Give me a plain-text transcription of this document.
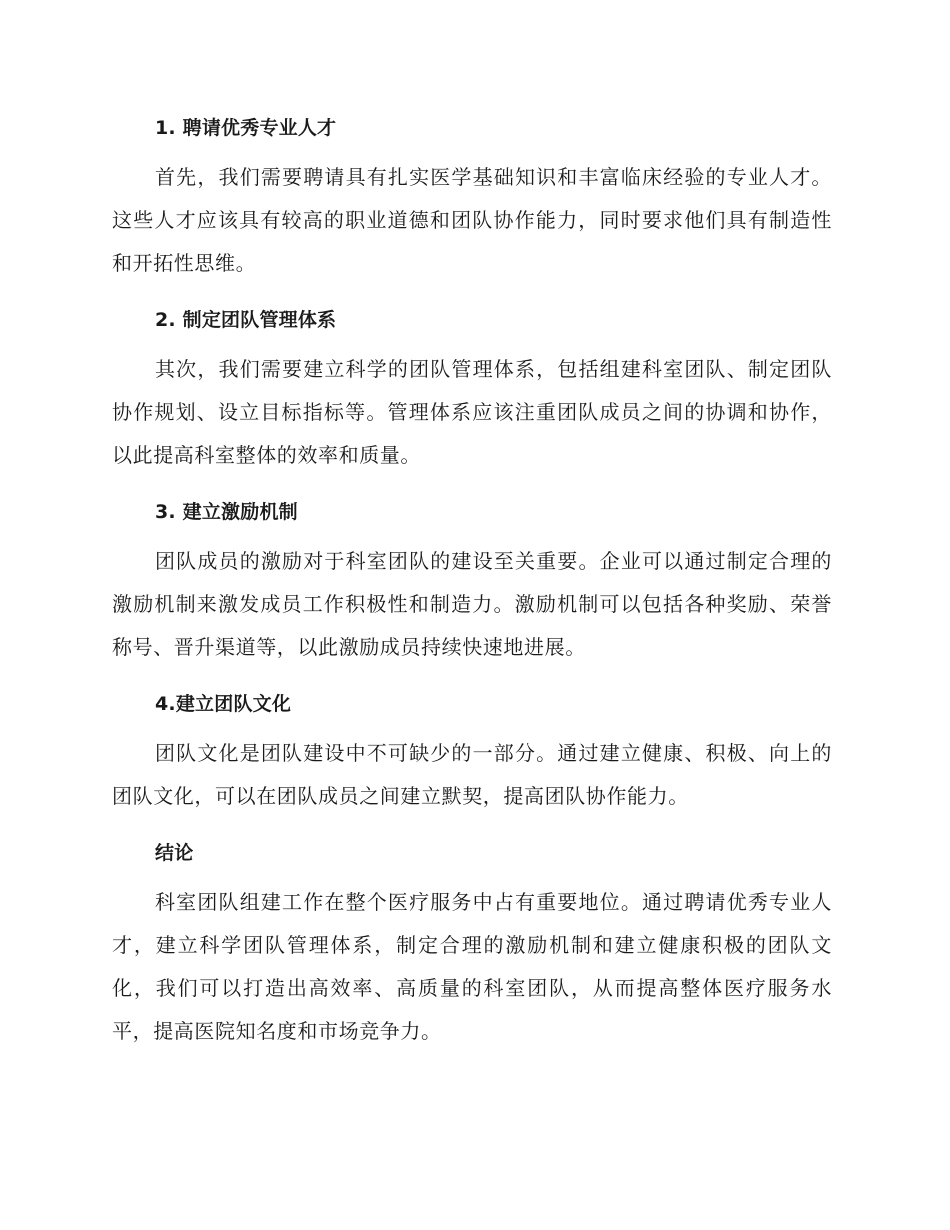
1. 聘请优秀专业人才

首先，我们需要聘请具有扎实医学基础知识和丰富临床经验的专业人才。这些人才应该具有较高的职业道德和团队协作能力，同时要求他们具有制造性和开拓性思维。

2. 制定团队管理体系

其次，我们需要建立科学的团队管理体系，包括组建科室团队、制定团队协作规划、设立目标指标等。管理体系应该注重团队成员之间的协调和协作，以此提高科室整体的效率和质量。

3. 建立激励机制

团队成员的激励对于科室团队的建设至关重要。企业可以通过制定合理的激励机制来激发成员工作积极性和制造力。激励机制可以包括各种奖励、荣誉称号、晋升渠道等，以此激励成员持续快速地进展。

4.建立团队文化

团队文化是团队建设中不可缺少的一部分。通过建立健康、积极、向上的团队文化，可以在团队成员之间建立默契，提高团队协作能力。

结论

科室团队组建工作在整个医疗服务中占有重要地位。通过聘请优秀专业人才，建立科学团队管理体系，制定合理的激励机制和建立健康积极的团队文化，我们可以打造出高效率、高质量的科室团队，从而提高整体医疗服务水平，提高医院知名度和市场竞争力。
